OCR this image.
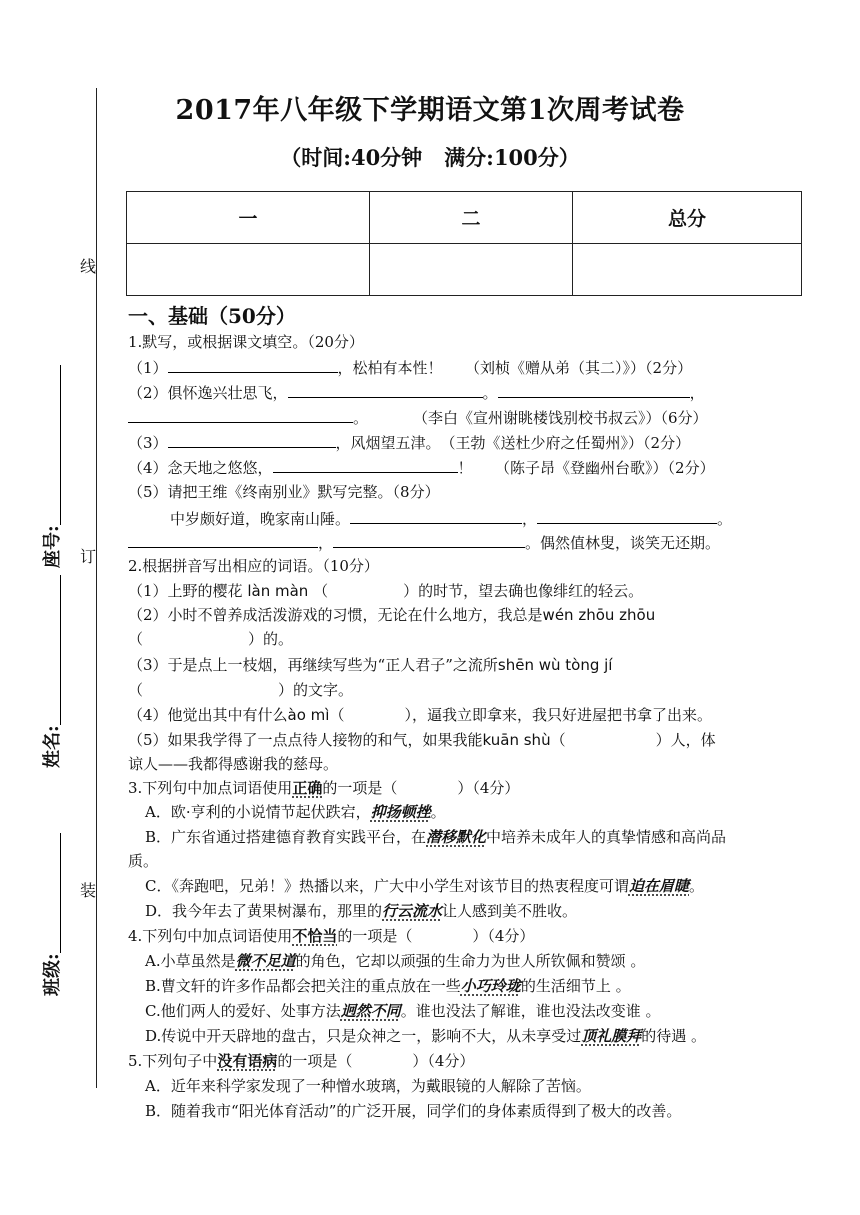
线
订
装
座号:
姓名:
班级:
2017年八年级下学期语文第1次周考试卷
（时间:40分钟 满分:100分）
一	二	总分

一、基础（50分）
1.默写，或根据课文填空。（20分）
（1）	，松柏有本性！　　（刘桢《赠从弟（其二）》）（2分）
（2）俱怀逸兴壮思飞，	。	，
。　　　　（李白《宣州谢眺楼饯别校书叔云》）（6分）
（3）	，风烟望五津。　（王勃《送杜少府之任蜀州》）（2分）
（4）念天地之悠悠，	！　　（陈子昂《登幽州台歌》）（2分）
（5）请把王维《终南别业》默写完整。（8分）
中岁颇好道，晚家南山陲。	，	。
，	。偶然值林叟，谈笑无还期。
2.根据拼音写出相应的词语。（10分）
（1）上野的樱花 làn màn （　　　　　）的时节，望去确也像绯红的轻云。
（2）小时不曾养成活泼游戏的习惯，无论在什么地方，我总是wén zhōu zhōu
（　　　　　　　）的。
（3）于是点上一枝烟，再继续写些为“正人君子”之流所shēn wù tòng jí
（　　　　　　　　　）的文字。
（4）他觉出其中有什么ào mì（　　　　），逼我立即拿来，我只好进屋把书拿了出来。
（5）如果我学得了一点点待人接物的和气，如果我能kuān shù（　　　　　　）人，体
谅人——我都得感谢我的慈母。
3.下列句中加点词语使用正确的一项是（　　　　）（4分）
A．欧·亨利的小说情节起伏跌宕，抑扬顿挫。
B．广东省通过搭建德育教育实践平台，在潜移默化中培养未成年人的真挚情感和高尚品
质。
C．《奔跑吧，兄弟！》热播以来，广大中小学生对该节目的热衷程度可谓迫在眉睫。
D．我今年去了黄果树瀑布，那里的行云流水让人感到美不胜收。
4.下列句中加点词语使用不恰当的一项是（　　　　）（4分）
A.小草虽然是微不足道的角色，它却以顽强的生命力为世人所钦佩和赞颂 。
B.曹文轩的许多作品都会把关注的重点放在一些小巧玲珑的生活细节上 。
C.他们两人的爱好、处事方法迥然不同。谁也没法了解谁，谁也没法改变谁 。
D.传说中开天辟地的盘古，只是众神之一，影响不大，从未享受过顶礼膜拜的待遇 。
5.下列句子中没有语病的一项是（　　　　）（4分）
A．近年来科学家发现了一种憎水玻璃，为戴眼镜的人解除了苦恼。
B．随着我市“阳光体育活动”的广泛开展，同学们的身体素质得到了极大的改善。
